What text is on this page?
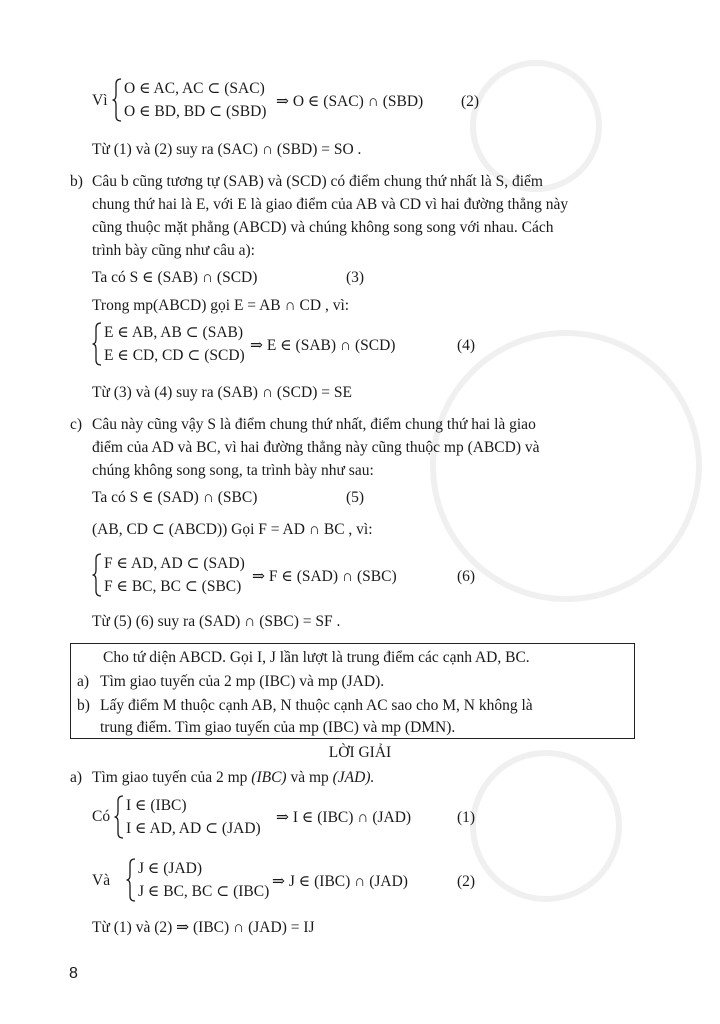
Vì
O ∈ AC, AC ⊂ (SAC)
O ∈ BD, BD ⊂ (SBD)
⇒ O ∈ (SAC) ∩ (SBD) (2)
Từ (1) và (2) suy ra (SAC) ∩ (SBD) = SO .
b) Câu b cũng tương tự (SAB) và (SCD) có điểm chung thứ nhất là S, điểm
chung thứ hai là E, với E là giao điểm của AB và CD vì hai đường thẳng này
cũng thuộc mặt phẳng (ABCD) và chúng không song song với nhau. Cách
trình bày cũng như câu a):
Ta có S ∈ (SAB) ∩ (SCD)	(3)
Trong mp(ABCD) gọi E = AB ∩ CD , vì:
E ∈ AB, AB ⊂ (SAB)
E ∈ CD, CD ⊂ (SCD)
⇒ E ∈ (SAB) ∩ (SCD)	(4)
Từ (3) và (4) suy ra (SAB) ∩ (SCD) = SE
c) Câu này cũng vậy S là điểm chung thứ nhất, điểm chung thứ hai là giao
điểm của AD và BC, vì hai đường thẳng này cũng thuộc mp (ABCD) và
chúng không song song, ta trình bày như sau:
Ta có S ∈ (SAD) ∩ (SBC)	(5)
(AB, CD ⊂ (ABCD)) Gọi F = AD ∩ BC , vì:
F ∈ AD, AD ⊂ (SAD)
F ∈ BC, BC ⊂ (SBC)
⇒ F ∈ (SAD) ∩ (SBC)	(6)
Từ (5) (6) suy ra (SAD) ∩ (SBC) = SF .
Cho tứ diện ABCD. Gọi I, J lần lượt là trung điểm các cạnh AD, BC.
a) Tìm giao tuyến của 2 mp (IBC) và mp (JAD).
b) Lấy điểm M thuộc cạnh AB, N thuộc cạnh AC sao cho M, N không là
trung điểm. Tìm giao tuyến của mp (IBC) và mp (DMN).
LỜI GIẢI
a) Tìm giao tuyến của 2 mp (IBC) và mp (JAD).
Có
I ∈ (IBC)
I ∈ AD, AD ⊂ (JAD)
⇒ I ∈ (IBC) ∩ (JAD)	(1)
Và
J ∈ (JAD)
J ∈ BC, BC ⊂ (IBC)
⇒ J ∈ (IBC) ∩ (JAD)	(2)
Từ (1) và (2) ⇒ (IBC) ∩ (JAD) = IJ
8
